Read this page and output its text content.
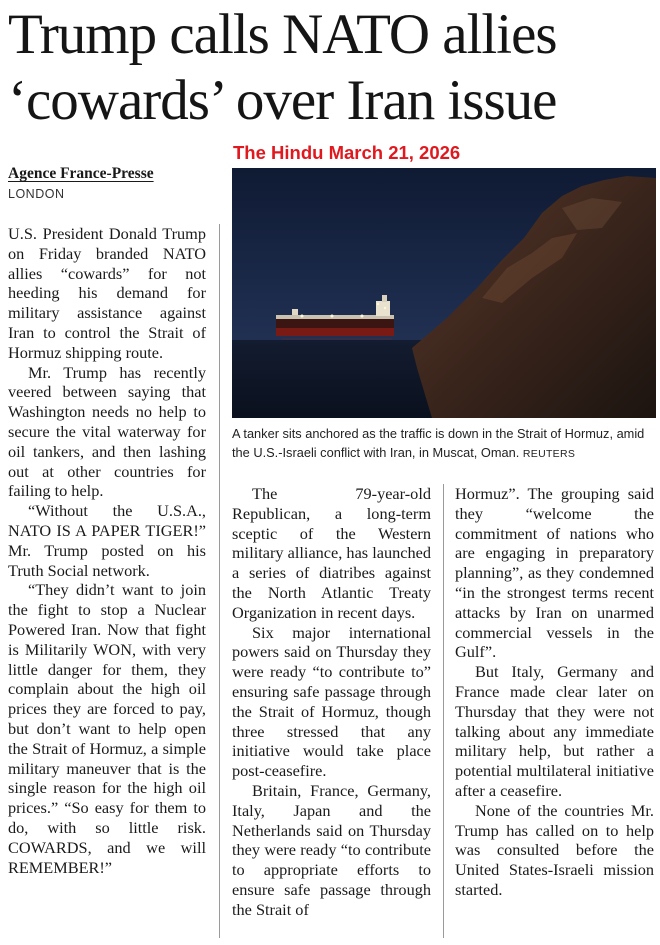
Trump calls NATO allies
‘cowards’ over Iran issue
The Hindu March 21, 2026
Agence France-Presse
LONDON
A tanker sits anchored as the traffic is down in the Strait of Hormuz, amid the U.S.-Israeli conflict with Iran, in Muscat, Oman. REUTERS

U.S. President Donald Trump on Friday branded NATO allies “cowards” for not heeding his demand for military assistance against Iran to control the Strait of Hormuz shipping route.

Mr. Trump has recently veered between saying that Washington needs no help to secure the vital waterway for oil tankers, and then lashing out at other countries for failing to help.

“Without the U.S.A., NATO IS A PAPER TIGER!” Mr. Trump posted on his Truth Social network.

“They didn’t want to join the fight to stop a Nuclear Powered Iran. Now that fight is Militarily WON, with very little danger for them, they complain about the high oil prices they are forced to pay, but don’t want to help open the Strait of Hormuz, a simple military maneuver that is the single reason for the high oil prices.” “So easy for them to do, with so little risk. COWARDS, and we will REMEMBER!”

The 79-year-old Republican, a long-term sceptic of the Western military alliance, has launched a series of diatribes against the North Atlantic Treaty Organization in recent days.

Six major international powers said on Thursday they were ready “to contribute to” ensuring safe passage through the Strait of Hormuz, though three stressed that any initiative would take place post-ceasefire.

Britain, France, Germany, Italy, Japan and the Netherlands said on Thursday they were ready “to contribute to appropriate efforts to ensure safe passage through the Strait of

Hormuz”. The grouping said they “welcome the commitment of nations who are engaging in preparatory planning”, as they condemned “in the strongest terms recent attacks by Iran on unarmed commercial vessels in the Gulf”.

But Italy, Germany and France made clear later on Thursday that they were not talking about any immediate military help, but rather a potential multilateral initiative after a ceasefire.

None of the countries Mr. Trump has called on to help was consulted before the United States-Israeli mission started.
